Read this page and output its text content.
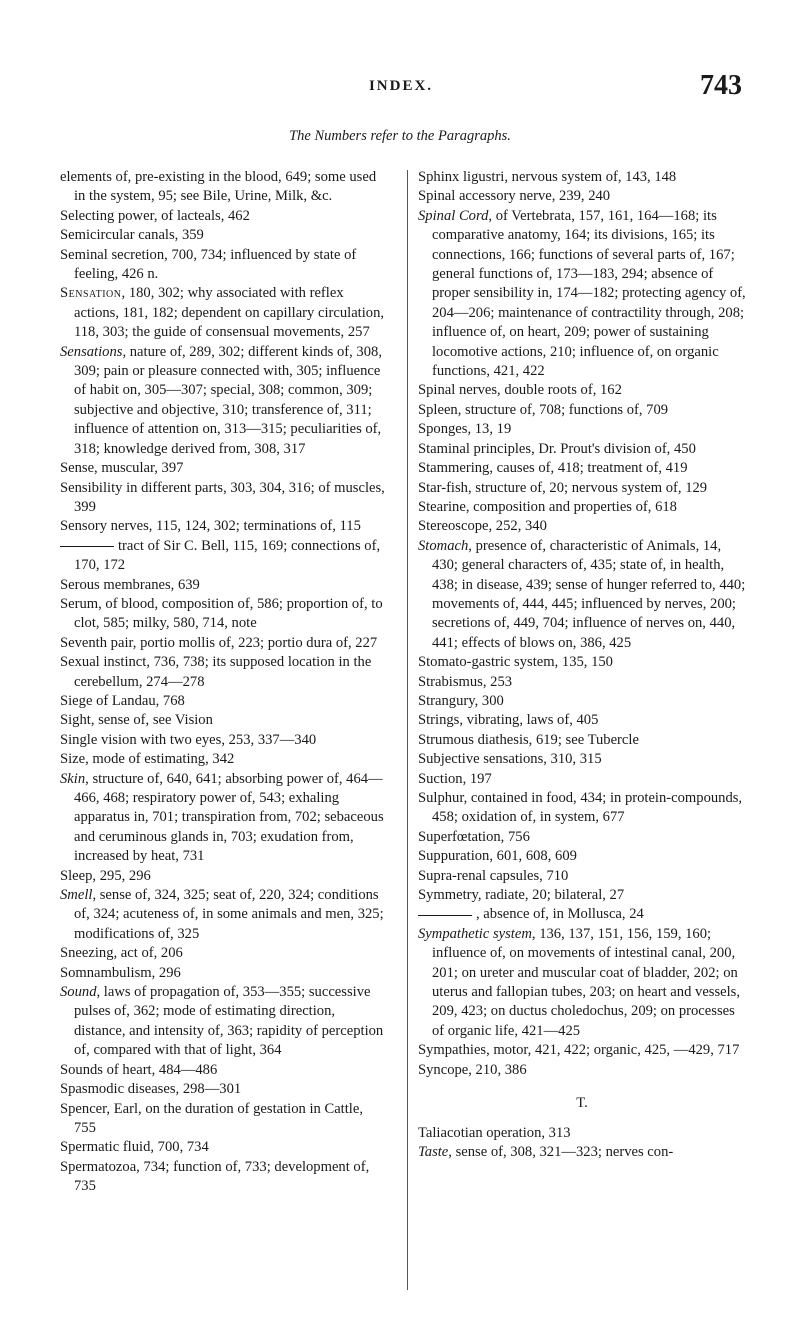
INDEX.	743
The Numbers refer to the Paragraphs.

elements of, pre-existing in the blood, 649; some used in the system, 95; see Bile, Urine, Milk, &c.

Selecting power, of lacteals, 462

Semicircular canals, 359

Seminal secretion, 700, 734; influenced by state of feeling, 426 n.

Sensation, 180, 302; why associated with reflex actions, 181, 182; dependent on capillary circulation, 118, 303; the guide of consensual movements, 257

Sensations, nature of, 289, 302; different kinds of, 308, 309; pain or pleasure connected with, 305; influence of habit on, 305—307; special, 308; common, 309; subjective and objective, 310; transference of, 311; influence of attention on, 313—315; peculiarities of, 318; knowledge derived from, 308, 317

Sense, muscular, 397

Sensibility in different parts, 303, 304, 316; of muscles, 399

Sensory nerves, 115, 124, 302; terminations of, 115

tract of Sir C. Bell, 115, 169; connections of, 170, 172

Serous membranes, 639

Serum, of blood, composition of, 586; proportion of, to clot, 585; milky, 580, 714, note

Seventh pair, portio mollis of, 223; portio dura of, 227

Sexual instinct, 736, 738; its supposed location in the cerebellum, 274—278

Siege of Landau, 768

Sight, sense of, see Vision

Single vision with two eyes, 253, 337—340

Size, mode of estimating, 342

Skin, structure of, 640, 641; absorbing power of, 464—466, 468; respiratory power of, 543; exhaling apparatus in, 701; transpiration from, 702; sebaceous and ceruminous glands in, 703; exudation from, increased by heat, 731

Sleep, 295, 296

Smell, sense of, 324, 325; seat of, 220, 324; conditions of, 324; acuteness of, in some animals and men, 325; modifications of, 325

Sneezing, act of, 206

Somnambulism, 296

Sound, laws of propagation of, 353—355; successive pulses of, 362; mode of estimating direction, distance, and intensity of, 363; rapidity of perception of, compared with that of light, 364

Sounds of heart, 484—486

Spasmodic diseases, 298—301

Spencer, Earl, on the duration of gestation in Cattle, 755

Spermatic fluid, 700, 734

Spermatozoa, 734; function of, 733; development of, 735

Sphinx ligustri, nervous system of, 143, 148

Spinal accessory nerve, 239, 240

Spinal Cord, of Vertebrata, 157, 161, 164—168; its comparative anatomy, 164; its divisions, 165; its connections, 166; functions of several parts of, 167; general functions of, 173—183, 294; absence of proper sensibility in, 174—182; protecting agency of, 204—206; maintenance of contractility through, 208; influence of, on heart, 209; power of sustaining locomotive actions, 210; influence of, on organic functions, 421, 422

Spinal nerves, double roots of, 162

Spleen, structure of, 708; functions of, 709

Sponges, 13, 19

Staminal principles, Dr. Prout's division of, 450

Stammering, causes of, 418; treatment of, 419

Star-fish, structure of, 20; nervous system of, 129

Stearine, composition and properties of, 618

Stereoscope, 252, 340

Stomach, presence of, characteristic of Animals, 14, 430; general characters of, 435; state of, in health, 438; in disease, 439; sense of hunger referred to, 440; movements of, 444, 445; influenced by nerves, 200; secretions of, 449, 704; influence of nerves on, 440, 441; effects of blows on, 386, 425

Stomato-gastric system, 135, 150

Strabismus, 253

Strangury, 300

Strings, vibrating, laws of, 405

Strumous diathesis, 619; see Tubercle

Subjective sensations, 310, 315

Suction, 197

Sulphur, contained in food, 434; in protein-compounds, 458; oxidation of, in system, 677

Superfœtation, 756

Suppuration, 601, 608, 609

Supra-renal capsules, 710

Symmetry, radiate, 20; bilateral, 27

, absence of, in Mollusca, 24

Sympathetic system, 136, 137, 151, 156, 159, 160; influence of, on movements of intestinal canal, 200, 201; on ureter and muscular coat of bladder, 202; on uterus and fallopian tubes, 203; on heart and vessels, 209, 423; on ductus choledochus, 209; on processes of organic life, 421—425

Sympathies, motor, 421, 422; organic, 425, —429, 717

Syncope, 210, 386

T.

Taliacotian operation, 313

Taste, sense of, 308, 321—323; nerves con-
